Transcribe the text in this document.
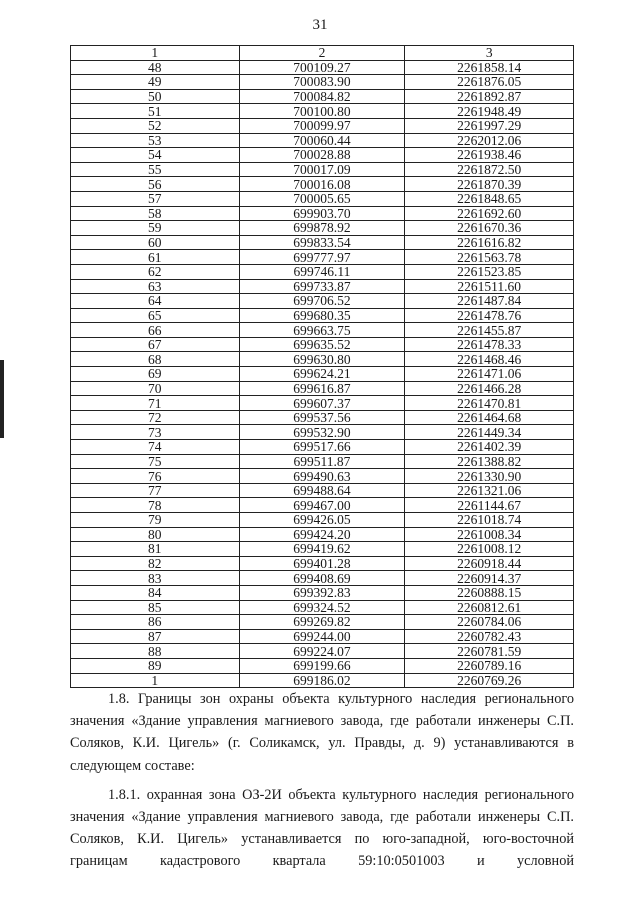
31
1	2	3
48	700109.27	2261858.14
49	700083.90	2261876.05
50	700084.82	2261892.87
51	700100.80	2261948.49
52	700099.97	2261997.29
53	700060.44	2262012.06
54	700028.88	2261938.46
55	700017.09	2261872.50
56	700016.08	2261870.39
57	700005.65	2261848.65
58	699903.70	2261692.60
59	699878.92	2261670.36
60	699833.54	2261616.82
61	699777.97	2261563.78
62	699746.11	2261523.85
63	699733.87	2261511.60
64	699706.52	2261487.84
65	699680.35	2261478.76
66	699663.75	2261455.87
67	699635.52	2261478.33
68	699630.80	2261468.46
69	699624.21	2261471.06
70	699616.87	2261466.28
71	699607.37	2261470.81
72	699537.56	2261464.68
73	699532.90	2261449.34
74	699517.66	2261402.39
75	699511.87	2261388.82
76	699490.63	2261330.90
77	699488.64	2261321.06
78	699467.00	2261144.67
79	699426.05	2261018.74
80	699424.20	2261008.34
81	699419.62	2261008.12
82	699401.28	2260918.44
83	699408.69	2260914.37
84	699392.83	2260888.15
85	699324.52	2260812.61
86	699269.82	2260784.06
87	699244.00	2260782.43
88	699224.07	2260781.59
89	699199.66	2260789.16
1	699186.02	2260769.26

1.8. Границы зон охраны объекта культурного наследия регионального значения «Здание управления магниевого завода, где работали инженеры С.П. Соляков, К.И. Цигель» (г. Соликамск, ул. Правды, д. 9) устанавливаются в следующем составе:

1.8.1. охранная зона ОЗ-2И объекта культурного наследия регионального значения «Здание управления магниевого завода, где работали инженеры С.П. Соляков, К.И. Цигель» устанавливается по юго-западной, юго-восточной границам кадастрового квартала 59:10:0501003 и условной
